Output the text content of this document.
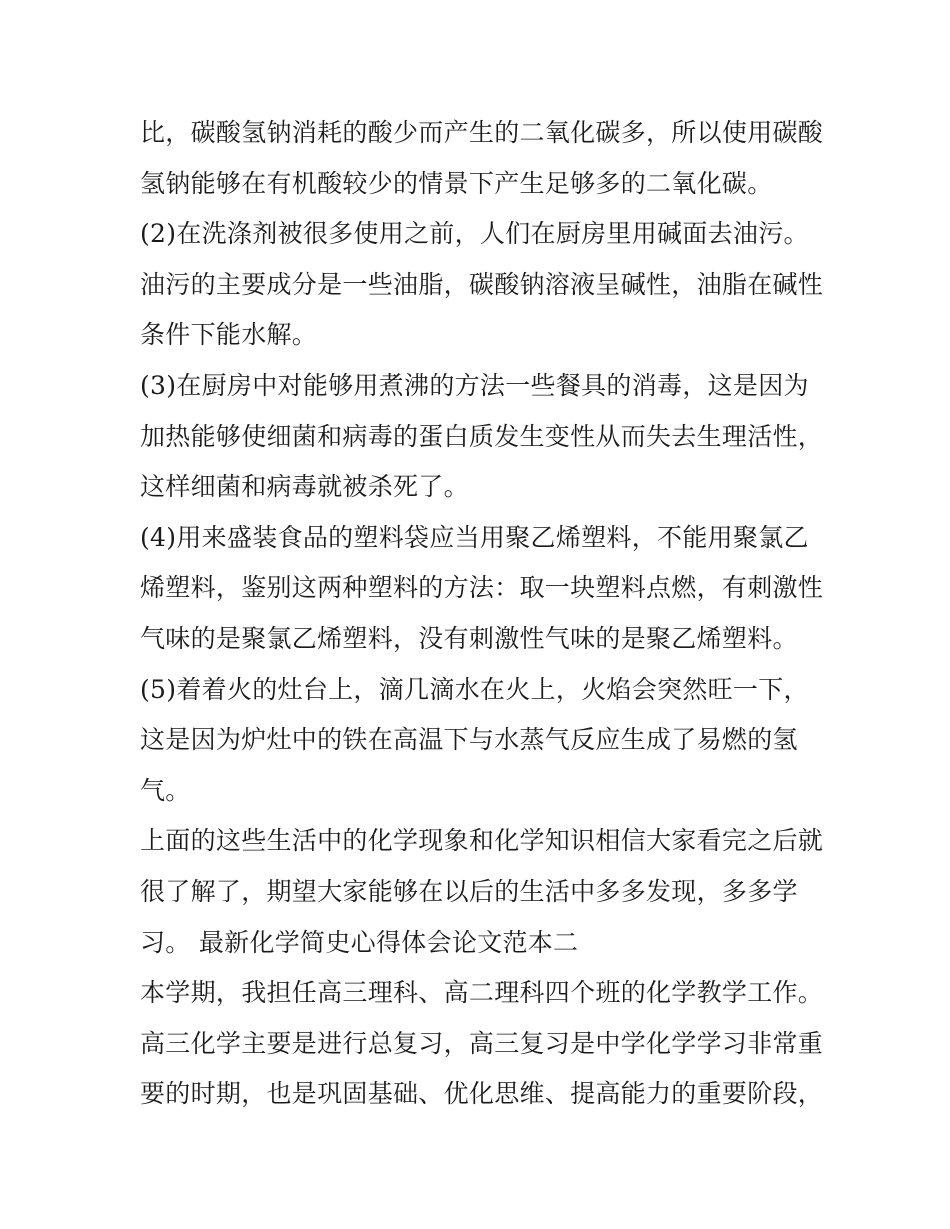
比，碳酸氢钠消耗的酸少而产生的二氧化碳多，所以使用碳酸
氢钠能够在有机酸较少的情景下产生足够多的二氧化碳。
(2)在洗涤剂被很多使用之前，人们在厨房里用碱面去油污。
油污的主要成分是一些油脂，碳酸钠溶液呈碱性，油脂在碱性
条件下能水解。
(3)在厨房中对能够用煮沸的方法一些餐具的消毒，这是因为
加热能够使细菌和病毒的蛋白质发生变性从而失去生理活性，
这样细菌和病毒就被杀死了。
(4)用来盛装食品的塑料袋应当用聚乙烯塑料，不能用聚氯乙
烯塑料，鉴别这两种塑料的方法：取一块塑料点燃，有刺激性
气味的是聚氯乙烯塑料，没有刺激性气味的是聚乙烯塑料。
(5)着着火的灶台上，滴几滴水在火上，火焰会突然旺一下，
这是因为炉灶中的铁在高温下与水蒸气反应生成了易燃的氢
气。
上面的这些生活中的化学现象和化学知识相信大家看完之后就
很了解了，期望大家能够在以后的生活中多多发现，多多学
习。 最新化学简史心得体会论文范本二
本学期，我担任高三理科、高二理科四个班的化学教学工作。
高三化学主要是进行总复习，高三复习是中学化学学习非常重
要的时期，也是巩固基础、优化思维、提高能力的重要阶段，
